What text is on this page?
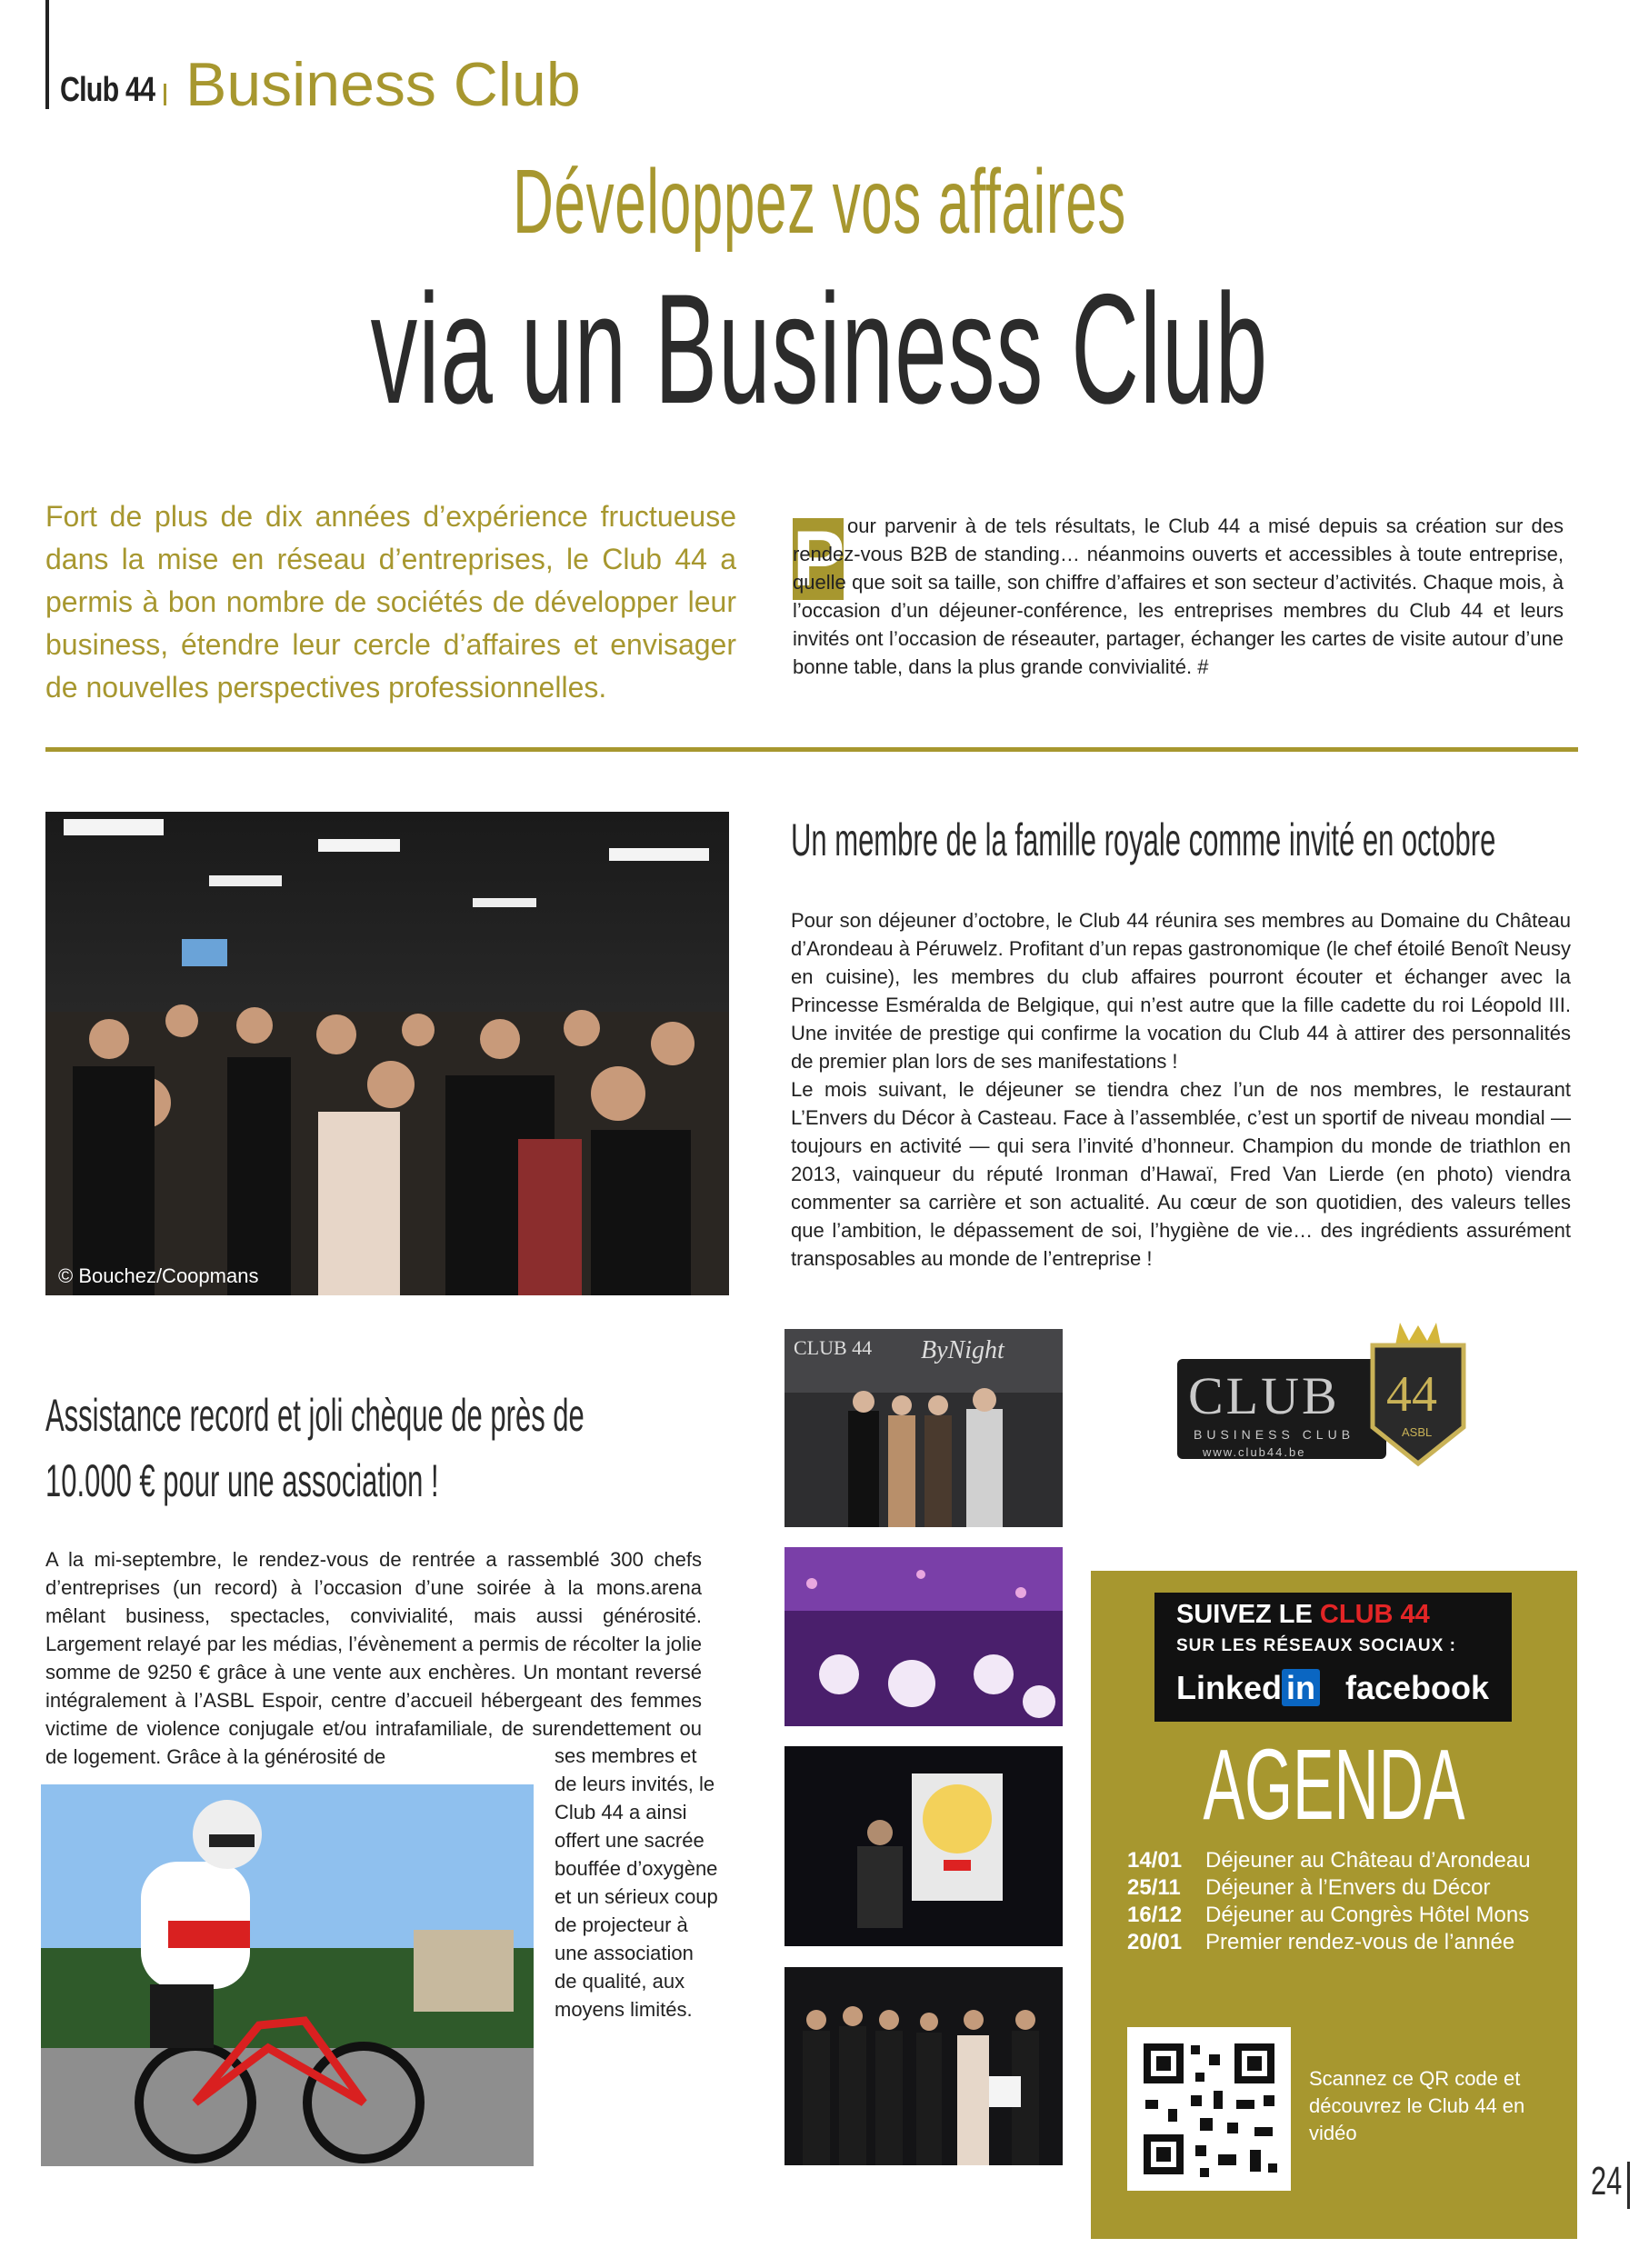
Club 44 Business Club
Développez vos affaires
via un Business Club
Fort de plus de dix années d’expérience fructueuse dans la mise en réseau d’entreprises, le Club 44 a permis à bon nombre de sociétés de développer leur business, étendre leur cercle d’affaires et envisager de nouvelles perspectives professionnelles.
P our parvenir à de tels résultats, le Club 44 a misé depuis sa création sur des rendez-vous B2B de standing… néanmoins ouverts et accessibles à toute entreprise, quelle que soit sa taille, son chiffre d’affaires et son secteur d’activités. Chaque mois, à l’occasion d’un déjeuner-conférence, les entreprises membres du Club 44 et leurs invités ont l’occasion de réseauter, partager, échanger les cartes de visite autour d’une bonne table, dans la plus grande convivialité. #
© Bouchez/Coopmans
Un membre de la famille royale comme invité en octobre
Pour son déjeuner d’octobre, le Club 44 réunira ses membres au Domaine du Château d’Arondeau à Péruwelz. Profitant d’un repas gastronomique (le chef étoilé Benoît Neusy en cuisine), les membres du club affaires pourront écouter et échanger avec la Princesse Esméralda de Belgique, qui n’est autre que la fille cadette du roi Léopold III. Une invitée de prestige qui confirme la vocation du Club 44 à attirer des personnalités de premier plan lors de ses manifestations !
Le mois suivant, le déjeuner se tiendra chez l’un de nos membres, le restaurant L’Envers du Décor à Casteau. Face à l’assemblée, c’est un sportif de niveau mondial — toujours en activité — qui sera l’invité d’honneur. Champion du monde de triathlon en 2013, vainqueur du réputé Ironman d’Hawaï, Fred Van Lierde (en photo) viendra commenter sa carrière et son actualité. Au cœur de son quotidien, des valeurs telles que l’ambition, le dépassement de soi, l’hygiène de vie… des ingrédients assurément transposables au monde de l’entreprise !
Assistance record et joli chèque de près de
10.000 € pour une association !
A la mi-septembre, le rendez-vous de rentrée a rassemblé 300 chefs d’entreprises (un record) à l’occasion d’une soirée à la mons.arena mêlant business, spectacles, convivialité, mais aussi générosité. Largement relayé par les médias, l’évènement a permis de récolter la jolie somme de 9250 € grâce à une vente aux enchères. Un montant reversé intégralement à l’ASBL Espoir, centre d’accueil hébergeant des femmes victime de violence conjugale et/ou intrafamiliale, de surendettement ou de logement. Grâce à la générosité de	ses membres et de leurs invités, le Club 44 a ainsi offert une sacrée bouffée d’oxygène et un sérieux coup de projecteur à une association de qualité, aux moyens limités.
CLUB 44 ByNight
CLUB 44
BUSINESS CLUB	ASBL
www.club44.be
SUIVEZ LE CLUB 44
SUR LES RÉSEAUX SOCIAUX :
Linked in facebook
AGENDA
14/01 Déjeuner au Château d’Arondeau
25/11 Déjeuner à l’Envers du Décor
16/12 Déjeuner au Congrès Hôtel Mons
20/01 Premier rendez-vous de l’année
Scannez ce QR code et découvrez le Club 44 en vidéo
24
